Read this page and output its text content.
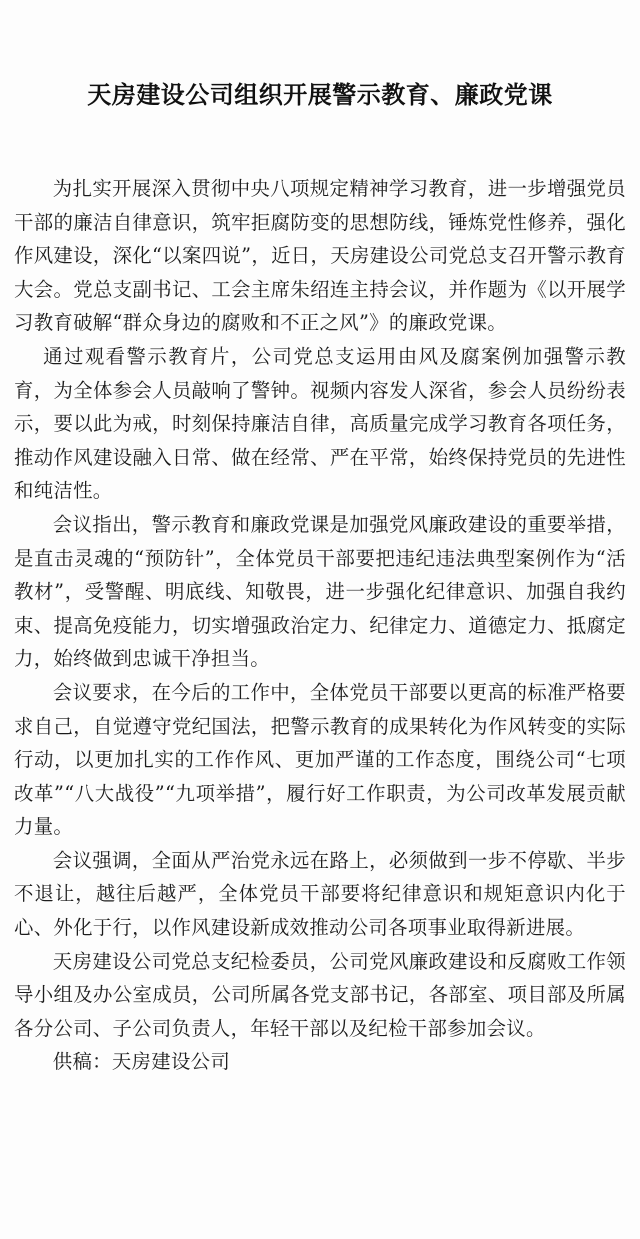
天房建设公司组织开展警示教育、廉政党课

为扎实开展深入贯彻中央八项规定精神学习教育，进一步增强党员干部的廉洁自律意识，筑牢拒腐防变的思想防线，锤炼党性修养，强化作风建设，深化“以案四说”，近日，天房建设公司党总支召开警示教育大会。党总支副书记、工会主席朱绍连主持会议，并作题为《以开展学习教育破解“群众身边的腐败和不正之风”》的廉政党课。

通过观看警示教育片，公司党总支运用由风及腐案例加强警示教育，为全体参会人员敲响了警钟。视频内容发人深省，参会人员纷纷表示，要以此为戒，时刻保持廉洁自律，高质量完成学习教育各项任务，推动作风建设融入日常、做在经常、严在平常，始终保持党员的先进性和纯洁性。

会议指出，警示教育和廉政党课是加强党风廉政建设的重要举措，是直击灵魂的“预防针”，全体党员干部要把违纪违法典型案例作为“活教材”，受警醒、明底线、知敬畏，进一步强化纪律意识、加强自我约束、提高免疫能力，切实增强政治定力、纪律定力、道德定力、抵腐定力，始终做到忠诚干净担当。

会议要求，在今后的工作中，全体党员干部要以更高的标准严格要求自己，自觉遵守党纪国法，把警示教育的成果转化为作风转变的实际行动，以更加扎实的工作作风、更加严谨的工作态度，围绕公司“七项改革”“八大战役”“九项举措”，履行好工作职责，为公司改革发展贡献力量。

会议强调，全面从严治党永远在路上，必须做到一步不停歇、半步不退让，越往后越严，全体党员干部要将纪律意识和规矩意识内化于心、外化于行，以作风建设新成效推动公司各项事业取得新进展。

天房建设公司党总支纪检委员，公司党风廉政建设和反腐败工作领导小组及办公室成员，公司所属各党支部书记，各部室、项目部及所属各分公司、子公司负责人，年轻干部以及纪检干部参加会议。

供稿：天房建设公司
